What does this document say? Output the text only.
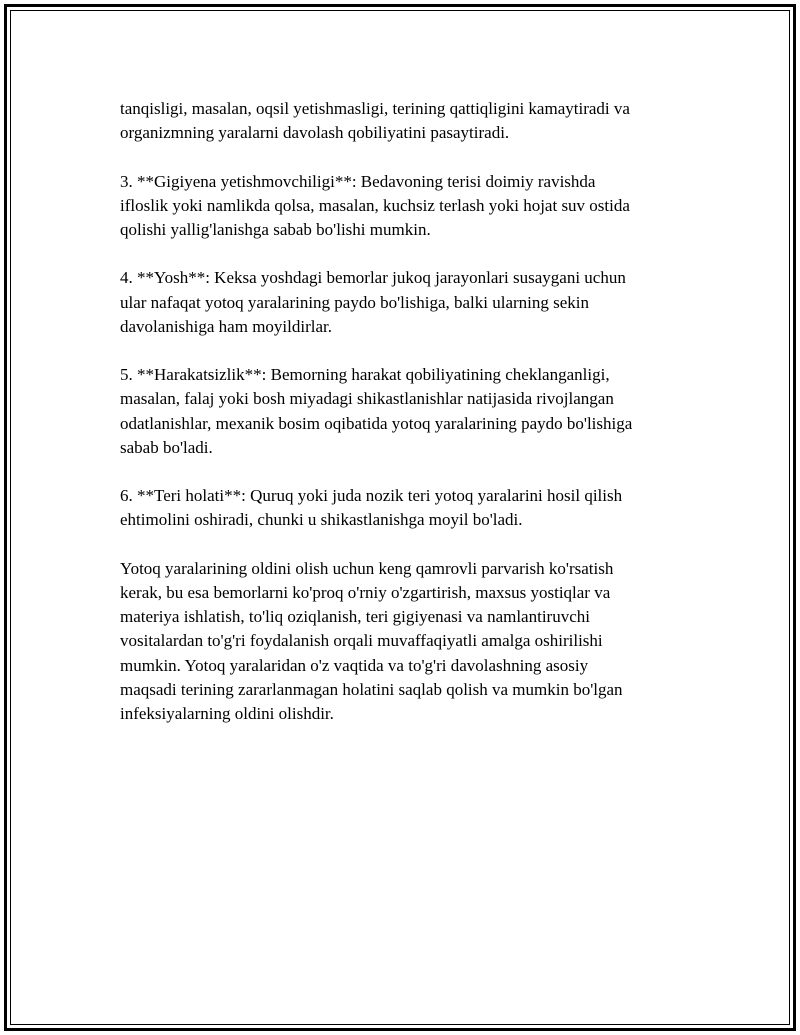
tanqisligi, masalan, oqsil yetishmasligi, terining qattiqligini kamaytiradi va
organizmning yaralarni davolash qobiliyatini pasaytiradi.

3. **Gigiyena yetishmovchiligi**: Bedavoning terisi doimiy ravishda
ifloslik yoki namlikda qolsa, masalan, kuchsiz terlash yoki hojat suv ostida
qolishi yallig'lanishga sabab bo'lishi mumkin.

4. **Yosh**: Keksa yoshdagi bemorlar jukoq jarayonlari susaygani uchun
ular nafaqat yotoq yaralarining paydo bo'lishiga, balki ularning sekin
davolanishiga ham moyildirlar.

5. **Harakatsizlik**: Bemorning harakat qobiliyatining cheklanganligi,
masalan, falaj yoki bosh miyadagi shikastlanishlar natijasida rivojlangan
odatlanishlar, mexanik bosim oqibatida yotoq yaralarining paydo bo'lishiga
sabab bo'ladi.

6. **Teri holati**: Quruq yoki juda nozik teri yotoq yaralarini hosil qilish
ehtimolini oshiradi, chunki u shikastlanishga moyil bo'ladi.

Yotoq yaralarining oldini olish uchun keng qamrovli parvarish ko'rsatish
kerak, bu esa bemorlarni ko'proq o'rniy o'zgartirish, maxsus yostiqlar va
materiya ishlatish, to'liq oziqlanish, teri gigiyenasi va namlantiruvchi
vositalardan to'g'ri foydalanish orqali muvaffaqiyatli amalga oshirilishi
mumkin. Yotoq yaralaridan o'z vaqtida va to'g'ri davolashning asosiy
maqsadi terining zararlanmagan holatini saqlab qolish va mumkin bo'lgan
infeksiyalarning oldini olishdir.
